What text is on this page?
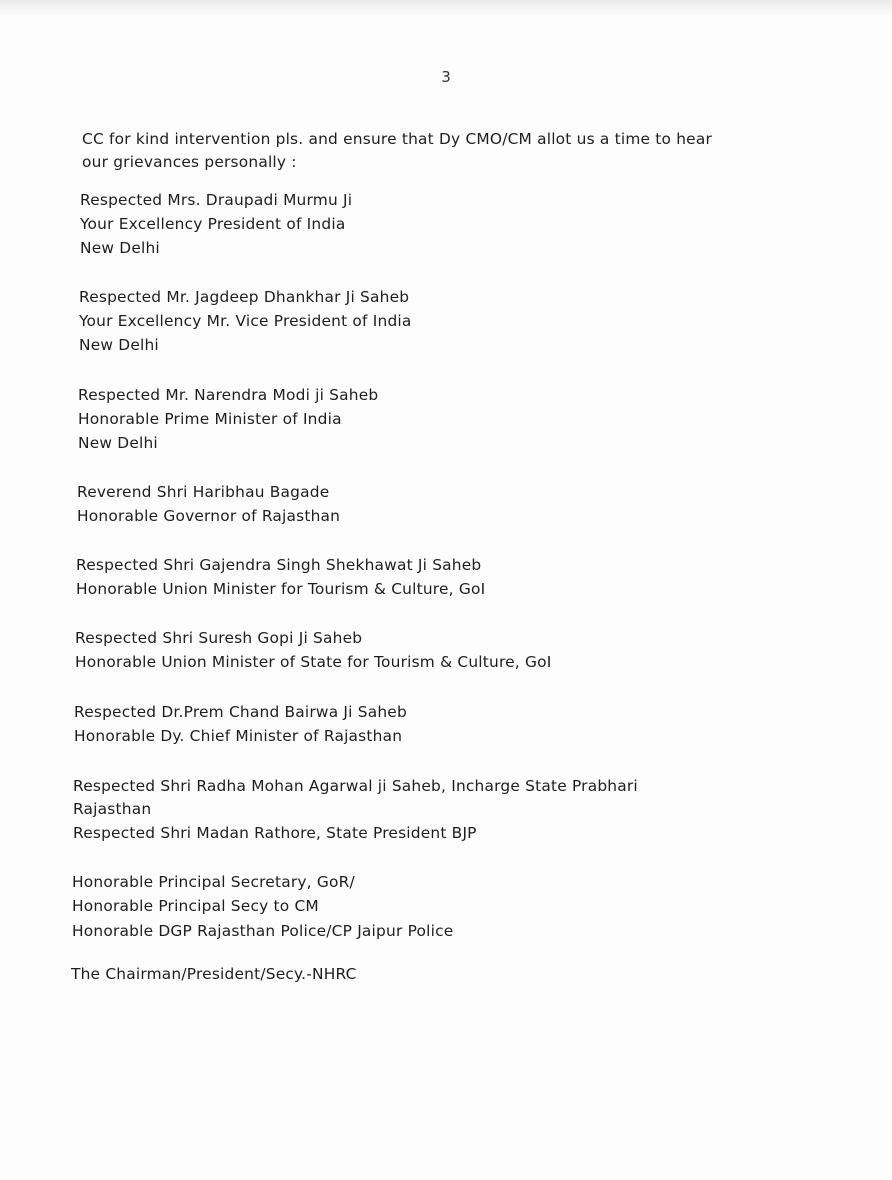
3
CC for kind intervention pls. and ensure that Dy CMO/CM allot us a time to hear
our grievances personally :
Respected Mrs. Draupadi Murmu Ji
Your Excellency President of India
New Delhi
Respected Mr. Jagdeep Dhankhar Ji Saheb
Your Excellency Mr. Vice President of India
New Delhi
Respected Mr. Narendra Modi ji Saheb
Honorable Prime Minister of India
New Delhi
Reverend Shri Haribhau Bagade
Honorable Governor of Rajasthan
Respected Shri Gajendra Singh Shekhawat Ji Saheb
Honorable Union Minister for Tourism & Culture, GoI
Respected Shri Suresh Gopi Ji Saheb
Honorable Union Minister of State for Tourism & Culture, GoI
Respected Dr.Prem Chand Bairwa Ji Saheb
Honorable Dy. Chief Minister of Rajasthan
Respected Shri Radha Mohan Agarwal ji Saheb, Incharge State Prabhari
Rajasthan
Respected Shri Madan Rathore, State President BJP
Honorable Principal Secretary, GoR/
Honorable Principal Secy to CM
Honorable DGP Rajasthan Police/CP Jaipur Police
The Chairman/President/Secy.-NHRC
